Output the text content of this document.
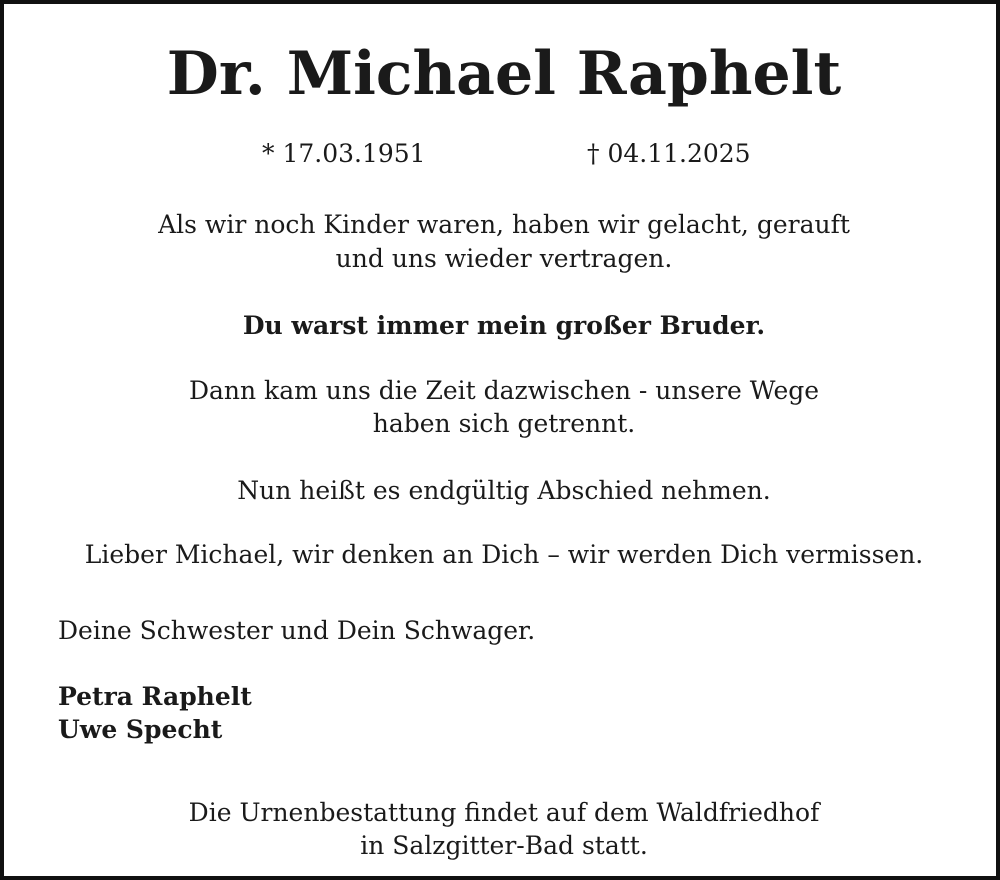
Dr. Michael Raphelt
* 17.03.1951	† 04.11.2025
Als wir noch Kinder waren, haben wir gelacht, gerauft
und uns wieder vertragen.
Du warst immer mein großer Bruder.
Dann kam uns die Zeit dazwischen - unsere Wege
haben sich getrennt.
Nun heißt es endgültig Abschied nehmen.
Lieber Michael, wir denken an Dich – wir werden Dich vermissen.
Deine Schwester und Dein Schwager.
Petra Raphelt
Uwe Specht
Die Urnenbestattung findet auf dem Waldfriedhof
in Salzgitter-Bad statt.
